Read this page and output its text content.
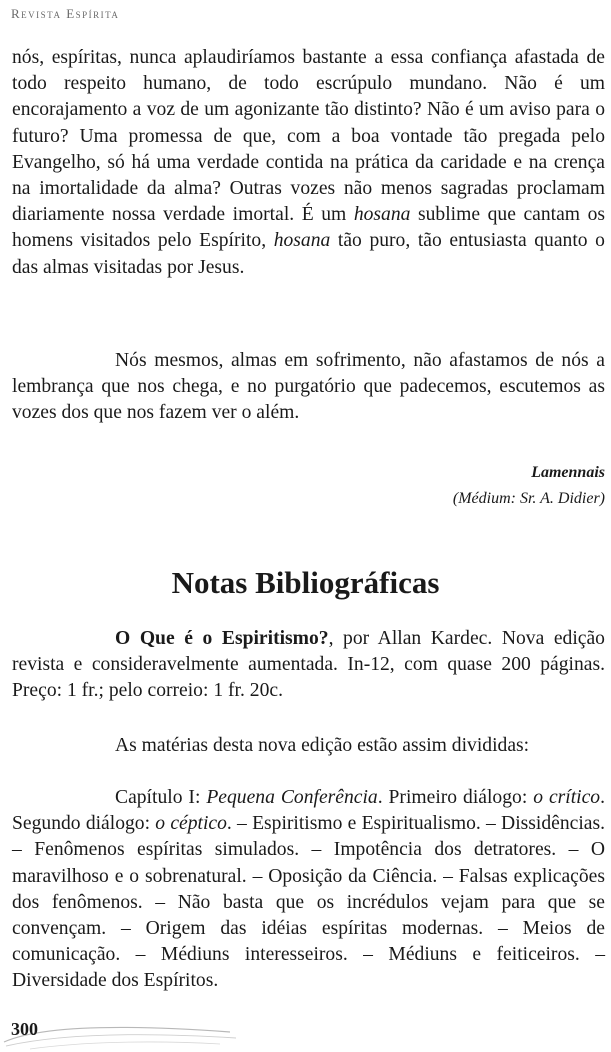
Revista Espírita

nós, espíritas, nunca aplaudiríamos bastante a essa confiança afastada de todo respeito humano, de todo escrúpulo mundano. Não é um encorajamento a voz de um agonizante tão distinto? Não é um aviso para o futuro? Uma promessa de que, com a boa vontade tão pregada pelo Evangelho, só há uma verdade contida na prática da caridade e na crença na imortalidade da alma? Outras vozes não menos sagradas proclamam diariamente nossa verdade imortal. É um hosana sublime que cantam os homens visitados pelo Espírito, hosana tão puro, tão entusiasta quanto o das almas visitadas por Jesus.

Nós mesmos, almas em sofrimento, não afastamos de nós a lembrança que nos chega, e no purgatório que padecemos, escutemos as vozes dos que nos fazem ver o além.

Lamennais
(Médium: Sr. A. Didier)
Notas Bibliográficas

O Que é o Espiritismo?, por Allan Kardec. Nova edição revista e consideravelmente aumentada. In-12, com quase 200 páginas. Preço: 1 fr.; pelo correio: 1 fr. 20c.

As matérias desta nova edição estão assim divididas:

Capítulo I: Pequena Conferência. Primeiro diálogo: o crítico. Segundo diálogo: o céptico. – Espiritismo e Espiritualismo. – Dissidências. – Fenômenos espíritas simulados. – Impotência dos detratores. – O maravilhoso e o sobrenatural. – Oposição da Ciência. – Falsas explicações dos fenômenos. – Não basta que os incrédulos vejam para que se convençam. – Origem das idéias espíritas modernas. – Meios de comunicação. – Médiuns interesseiros. – Médiuns e feiticeiros. – Diversidade dos Espíritos.

300
